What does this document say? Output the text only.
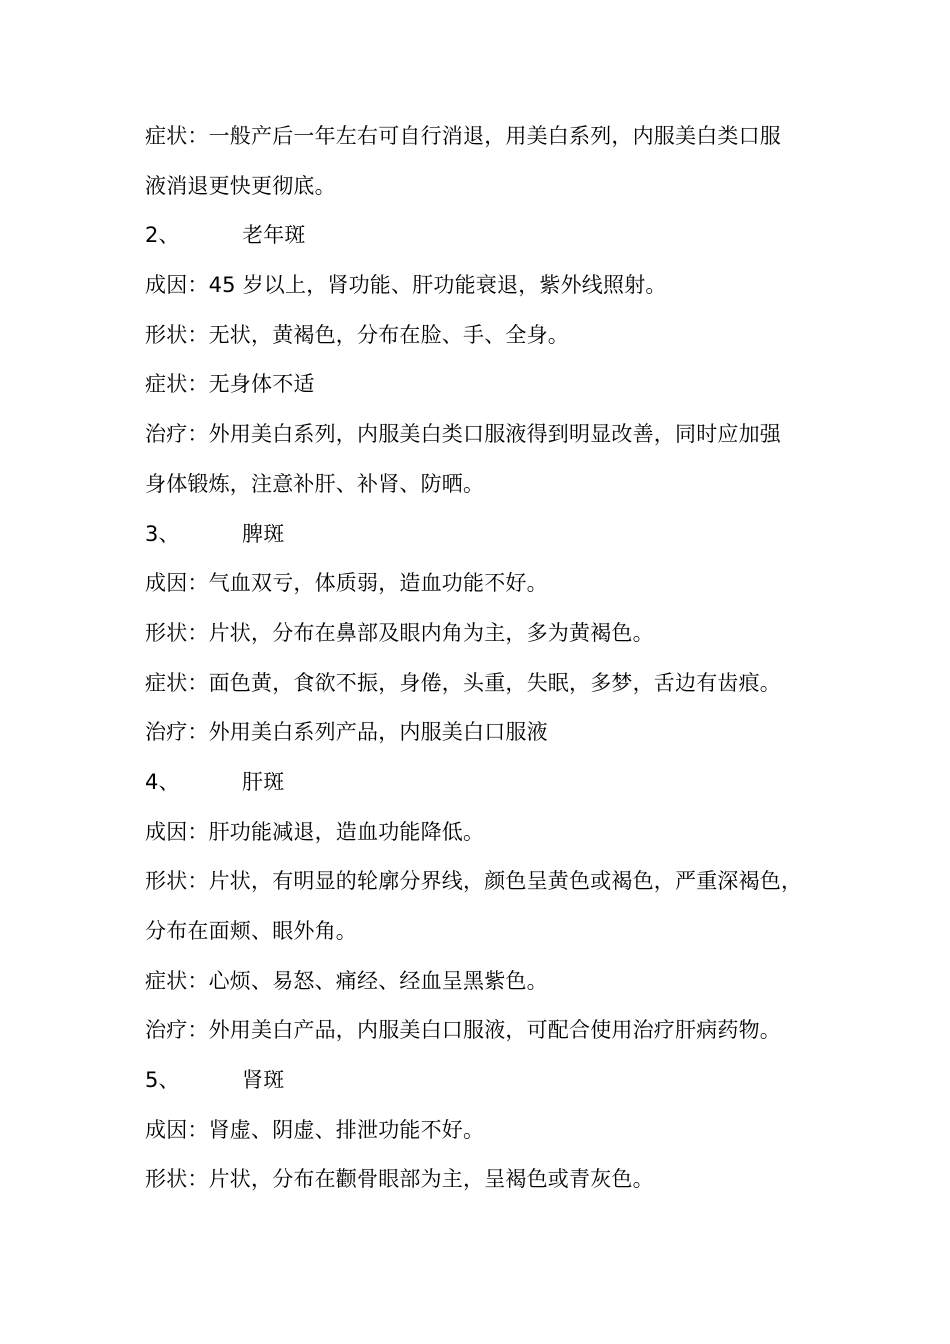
症状：一般产后一年左右可自行消退，用美白系列，内服美白类口服
液消退更快更彻底。
2、	老年斑
成因：45 岁以上，肾功能、肝功能衰退，紫外线照射。
形状：无状，黄褐色，分布在脸、手、全身。
症状：无身体不适
治疗：外用美白系列，内服美白类口服液得到明显改善，同时应加强
身体锻炼，注意补肝、补肾、防晒。
3、	脾斑
成因：气血双亏，体质弱，造血功能不好。
形状：片状，分布在鼻部及眼内角为主，多为黄褐色。
症状：面色黄，食欲不振，身倦，头重，失眠，多梦，舌边有齿痕。
治疗：外用美白系列产品，内服美白口服液
4、	肝斑
成因：肝功能减退，造血功能降低。
形状：片状，有明显的轮廓分界线，颜色呈黄色或褐色，严重深褐色，
分布在面颊、眼外角。
症状：心烦、易怒、痛经、经血呈黑紫色。
治疗：外用美白产品，内服美白口服液，可配合使用治疗肝病药物。
5、	肾斑
成因：肾虚、阴虚、排泄功能不好。
形状：片状，分布在颧骨眼部为主，呈褐色或青灰色。
